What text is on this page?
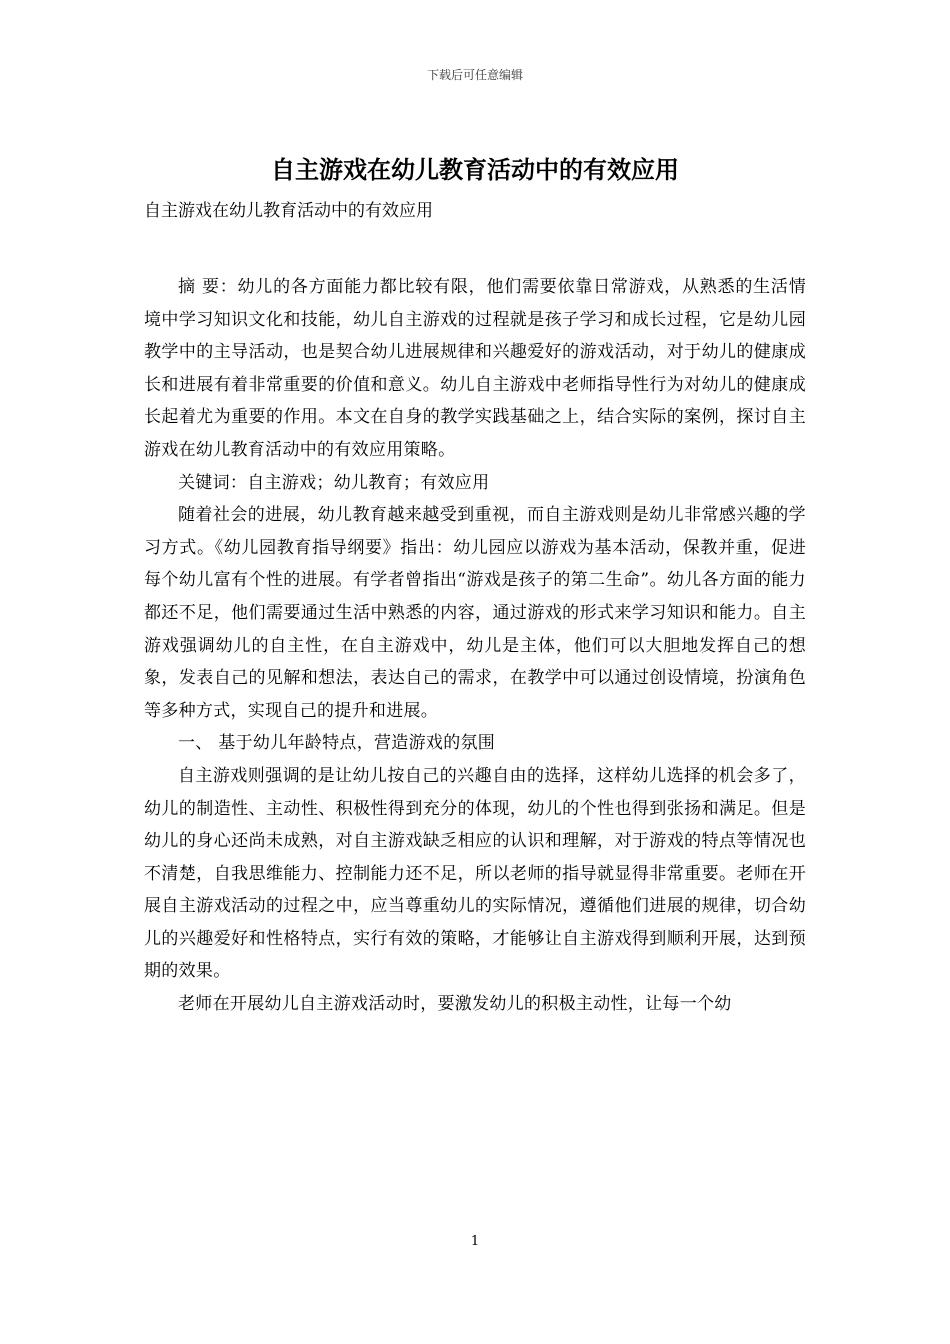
下载后可任意编辑
自主游戏在幼儿教育活动中的有效应用
自主游戏在幼儿教育活动中的有效应用

摘 要：幼儿的各方面能力都比较有限，他们需要依靠日常游戏，从熟悉的生活情境中学习知识文化和技能，幼儿自主游戏的过程就是孩子学习和成长过程，它是幼儿园教学中的主导活动，也是契合幼儿进展规律和兴趣爱好的游戏活动，对于幼儿的健康成长和进展有着非常重要的价值和意义。幼儿自主游戏中老师指导性行为对幼儿的健康成长起着尤为重要的作用。本文在自身的教学实践基础之上，结合实际的案例，探讨自主游戏在幼儿教育活动中的有效应用策略。

关键词：自主游戏；幼儿教育；有效应用

随着社会的进展，幼儿教育越来越受到重视，而自主游戏则是幼儿非常感兴趣的学习方式。《幼儿园教育指导纲要》指出：幼儿园应以游戏为基本活动，保教并重，促进每个幼儿富有个性的进展。有学者曾指出“游戏是孩子的第二生命”。幼儿各方面的能力都还不足，他们需要通过生活中熟悉的内容，通过游戏的形式来学习知识和能力。自主游戏强调幼儿的自主性，在自主游戏中，幼儿是主体，他们可以大胆地发挥自己的想象，发表自己的见解和想法，表达自己的需求，在教学中可以通过创设情境，扮演角色等多种方式，实现自己的提升和进展。

一、 基于幼儿年龄特点，营造游戏的氛围

自主游戏则强调的是让幼儿按自己的兴趣自由的选择，这样幼儿选择的机会多了，幼儿的制造性、主动性、积极性得到充分的体现，幼儿的个性也得到张扬和满足。但是幼儿的身心还尚未成熟，对自主游戏缺乏相应的认识和理解，对于游戏的特点等情况也不清楚，自我思维能力、控制能力还不足，所以老师的指导就显得非常重要。老师在开展自主游戏活动的过程之中，应当尊重幼儿的实际情况，遵循他们进展的规律，切合幼儿的兴趣爱好和性格特点，实行有效的策略，才能够让自主游戏得到顺利开展，达到预期的效果。

老师在开展幼儿自主游戏活动时，要激发幼儿的积极主动性，让每一个幼

1
